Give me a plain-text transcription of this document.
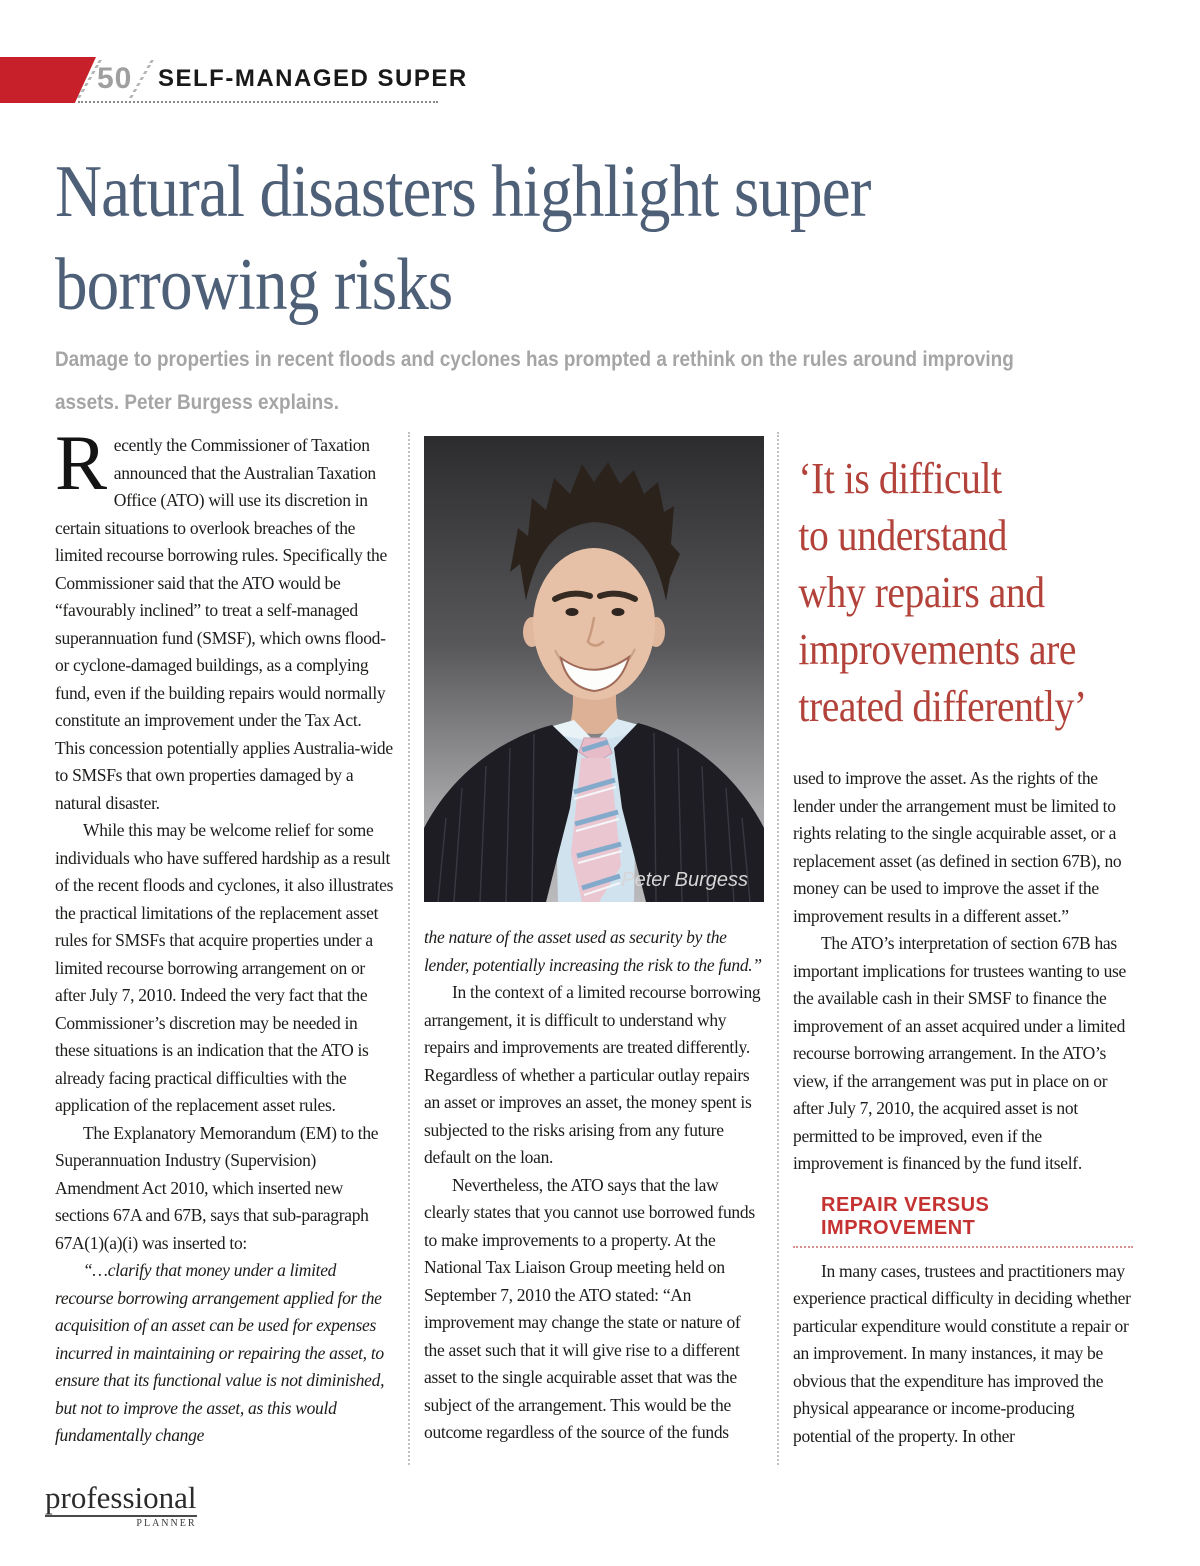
50 SELF-MANAGED SUPER
Natural disasters highlight super
borrowing risks
Damage to properties in recent floods and cyclones has prompted a rethink on the rules around improving
assets. Peter Burgess explains.

Recently the Commissioner of Taxation announced that the Australian Taxation Office (ATO) will use its discretion in certain situations to overlook breaches of the limited recourse borrowing rules. Specifically the Commissioner said that the ATO would be “favourably inclined” to treat a self-managed superannuation fund (SMSF), which owns flood- or cyclone-damaged buildings, as a complying fund, even if the building repairs would normally constitute an improvement under the Tax Act. This concession potentially applies Australia-wide to SMSFs that own properties damaged by a natural disaster.

While this may be welcome relief for some individuals who have suffered hardship as a result of the recent floods and cyclones, it also illustrates the practical limitations of the replacement asset rules for SMSFs that acquire properties under a limited recourse borrowing arrangement on or after July 7, 2010. Indeed the very fact that the Commissioner’s discretion may be needed in these situations is an indication that the ATO is already facing practical difficulties with the application of the replacement asset rules.

The Explanatory Memorandum (EM) to the Superannuation Industry (Supervision) Amendment Act 2010, which inserted new sections 67A and 67B, says that sub-paragraph 67A(1)(a)(i) was inserted to:

“…clarify that money under a limited recourse borrowing arrangement applied for the acquisition of an asset can be used for expenses incurred in maintaining or repairing the asset, to ensure that its functional value is not diminished, but not to improve the asset, as this would fundamentally change

Peter Burgess

the nature of the asset used as security by the lender, potentially increasing the risk to the fund.”

In the context of a limited recourse borrowing arrangement, it is difficult to understand why repairs and improvements are treated differently. Regardless of whether a particular outlay repairs an asset or improves an asset, the money spent is subjected to the risks arising from any future default on the loan.

Nevertheless, the ATO says that the law clearly states that you cannot use borrowed funds to make improvements to a property. At the National Tax Liaison Group meeting held on September 7, 2010 the ATO stated: “An improvement may change the state or nature of the asset such that it will give rise to a different asset to the single acquirable asset that was the subject of the arrangement. This would be the outcome regardless of the source of the funds

‘It is difficult
to understand
why repairs and
improvements are
treated differently’

used to improve the asset. As the rights of the lender under the arrangement must be limited to rights relating to the single acquirable asset, or a replacement asset (as defined in section 67B), no money can be used to improve the asset if the improvement results in a different asset.”

The ATO’s interpretation of section 67B has important implications for trustees wanting to use the available cash in their SMSF to finance the improvement of an asset acquired under a limited recourse borrowing arrangement. In the ATO’s view, if the arrangement was put in place on or after July 7, 2010, the acquired asset is not permitted to be improved, even if the improvement is financed by the fund itself.

REPAIR VERSUS IMPROVEMENT

In many cases, trustees and practitioners may experience practical difficulty in deciding whether particular expenditure would constitute a repair or an improvement. In many instances, it may be obvious that the expenditure has improved the physical appearance or income-producing potential of the property. In other

professional
PLANNER
